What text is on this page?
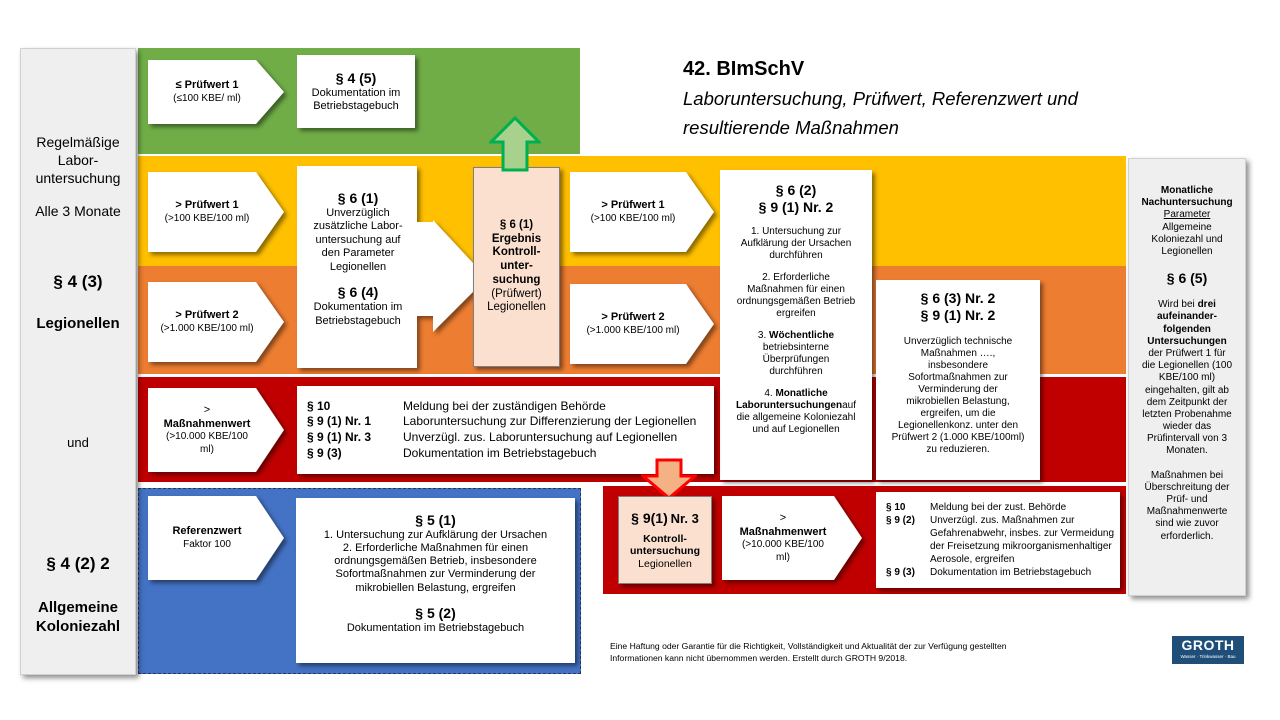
42. BImSchV
Laboruntersuchung, Prüfwert, Referenzwert und
resultierende Maßnahmen
Regelmäßige
Labor-
untersuchung
Alle 3 Monate
§ 4 (3)
Legionellen
und
§ 4 (2) 2
Allgemeine
Koloniezahl
≤ Prüfwert 1
(≤100 KBE/ ml)
§ 4 (5)
Dokumentation im
Betriebstagebuch
> Prüfwert 1
(>100 KBE/100 ml)
> Prüfwert 2
(>1.000 KBE/100 ml)
§ 6 (1)
Unverzüglich
zusätzliche Labor-
untersuchung auf
den Parameter
Legionellen
§ 6 (4)
Dokumentation im
Betriebstagebuch
§ 6 (1)
Ergebnis
Kontroll-
unter-
suchung
(Prüfwert)
Legionellen
> Prüfwert 1
(>100 KBE/100 ml)
> Prüfwert 2
(>1.000 KBE/100 ml)
§ 6 (2)
§ 9 (1) Nr. 2
1. Untersuchung zur
Aufklärung der Ursachen
durchführen
2. Erforderliche
Maßnahmen für einen
ordnungsgemäßen Betrieb
ergreifen
3. Wöchentliche
betriebsinterne
Überprüfungen
durchführen
4. Monatliche
Laboruntersuchungenauf
die allgemeine Koloniezahl
und auf Legionellen
§ 6 (3) Nr. 2
§ 9 (1) Nr. 2
Unverzüglich technische
Maßnahmen ….,
insbesondere
Sofortmaßnahmen zur
Verminderung der
mikrobiellen Belastung,
ergreifen, um die
Legionellenkonz. unter den
Prüfwert 2 (1.000 KBE/100ml)
zu reduzieren.
>
Maßnahmenwert
(>10.000 KBE/100
ml)
§ 10	Meldung bei der zuständigen Behörde
§ 9 (1) Nr. 1	Laboruntersuchung zur Differenzierung der Legionellen
§ 9 (1) Nr. 3	Unverzügl. zus. Laboruntersuchung auf Legionellen
§ 9 (3)	Dokumentation im Betriebstagebuch
Referenzwert
Faktor 100
§ 5 (1)
1. Untersuchung zur Aufklärung der Ursachen
2. Erforderliche Maßnahmen für einen
ordnungsgemäßen Betrieb, insbesondere
Sofortmaßnahmen zur Verminderung der
mikrobiellen Belastung, ergreifen
§ 5 (2)
Dokumentation im Betriebstagebuch
§ 9(1) Nr. 3
Kontroll-
untersuchung
Legionellen
>
Maßnahmenwert
(>10.000 KBE/100
ml)
§ 10	Meldung bei der zust. Behörde
§ 9 (2)	Unverzügl. zus. Maßnahmen zur
Gefahrenabwehr, insbes. zur Vermeidung
der Freisetzung mikroorganismenhaltiger
Aerosole, ergreifen
§ 9 (3)	Dokumentation im Betriebstagebuch
Monatliche
Nachuntersuchung
Parameter
Allgemeine
Koloniezahl und
Legionellen
§ 6 (5)
Wird bei drei
aufeinander-
folgenden
Untersuchungen
der Prüfwert 1 für
die Legionellen (100
KBE/100 ml)
eingehalten, gilt ab
dem Zeitpunkt der
letzten Probenahme
wieder das
Prüfintervall von 3
Monaten.
Maßnahmen bei
Überschreitung der
Prüf- und
Maßnahmenwerte
sind wie zuvor
erforderlich.
Eine Haftung oder Garantie für die Richtigkeit, Vollständigkeit und Aktualität der zur Verfügung gestellten
Informationen kann nicht übernommen werden. Erstellt durch GROTH 9/2018.
GROTH
Wasser · Trinkwasser · Bau
